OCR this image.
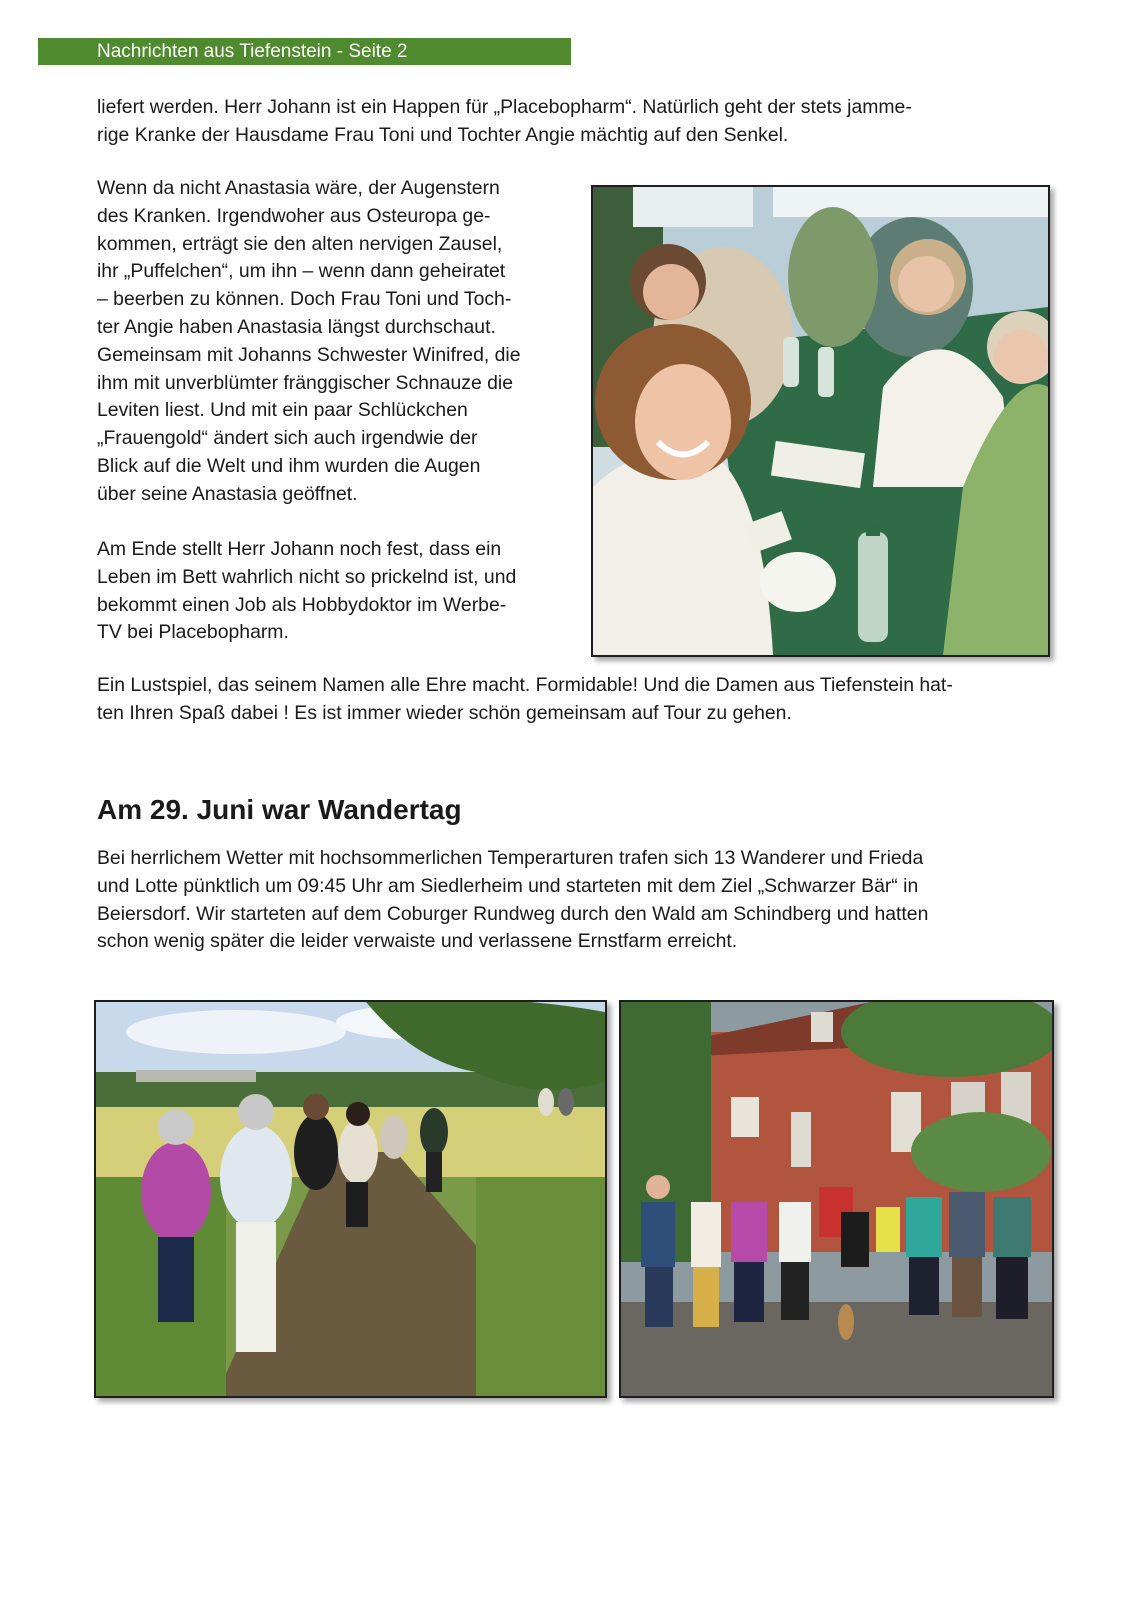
Nachrichten aus Tiefenstein - Seite 2
liefert werden. Herr Johann ist ein Happen für „Placebopharm“. Natürlich geht der stets jamme-
rige Kranke der Hausdame Frau Toni und Tochter Angie mächtig auf den Senkel.
Wenn da nicht Anastasia wäre, der Augenstern
des Kranken. Irgendwoher aus Osteuropa ge-
kommen, erträgt sie den alten nervigen Zausel,
ihr „Puffelchen“, um ihn – wenn dann geheiratet
– beerben zu können. Doch Frau Toni und Toch-
ter Angie haben Anastasia längst durchschaut.
Gemeinsam mit Johanns Schwester Winifred, die
ihm mit unverblümter fränggischer Schnauze die
Leviten liest. Und mit ein paar Schlückchen
„Frauengold“ ändert sich auch irgendwie der
Blick auf die Welt und ihm wurden die Augen
über seine Anastasia geöffnet.
Am Ende stellt Herr Johann noch fest, dass ein
Leben im Bett wahrlich nicht so prickelnd ist, und
bekommt einen Job als Hobbydoktor im Werbe-
TV bei Placebopharm.
Ein Lustspiel, das seinem Namen alle Ehre macht. Formidable! Und die Damen aus Tiefenstein hat-
ten Ihren Spaß dabei ! Es ist immer wieder schön gemeinsam auf Tour zu gehen.
Am 29. Juni war Wandertag
Bei herrlichem Wetter mit hochsommerlichen Temperarturen trafen sich 13 Wanderer und Frieda
und Lotte pünktlich um 09:45 Uhr am Siedlerheim und starteten mit dem Ziel „Schwarzer Bär“ in
Beiersdorf. Wir starteten auf dem Coburger Rundweg durch den Wald am Schindberg und hatten
schon wenig später die leider verwaiste und verlassene Ernstfarm erreicht.
